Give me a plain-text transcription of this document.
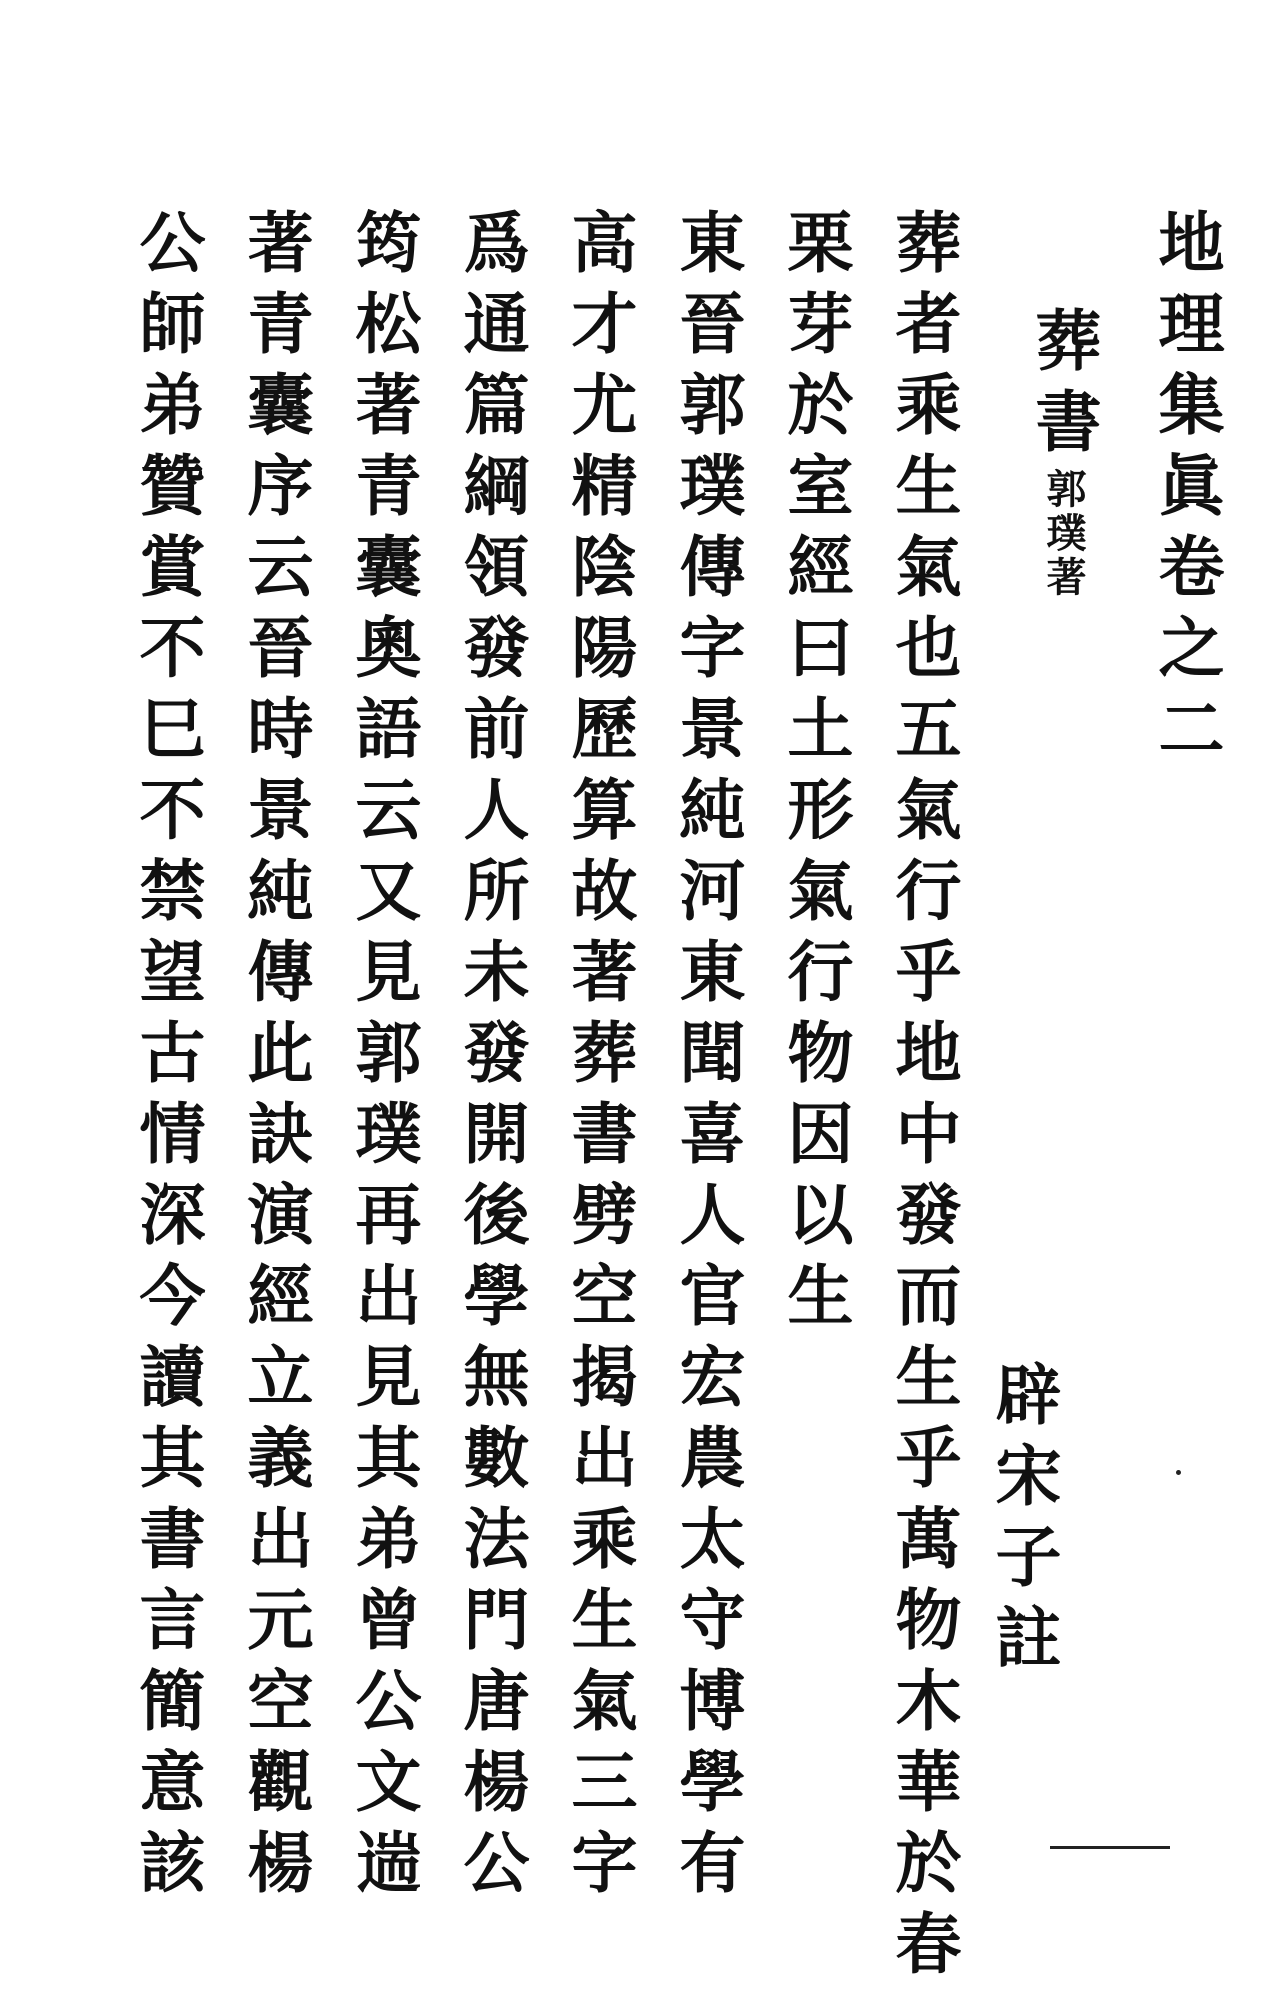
地理集眞卷之二
葬書郭璞著
辟宋子註
葬者乘生氣也五氣行乎地中發而生乎萬物木華於春
栗芽於室經曰土形氣行物因以生
東晉郭璞傳字景純河東聞喜人官宏農太守博學有
高才尤精陰陽歷算故著葬書劈空揭出乘生氣三字
爲通篇綱領發前人所未發開後學無數法門唐楊公
筠松著青囊奧語云又見郭璞再出見其弟曾公文遄
著青囊序云晉時景純傳此訣演經立義出元空觀楊
公師弟贊賞不巳不禁望古情深今讀其書言簡意該
